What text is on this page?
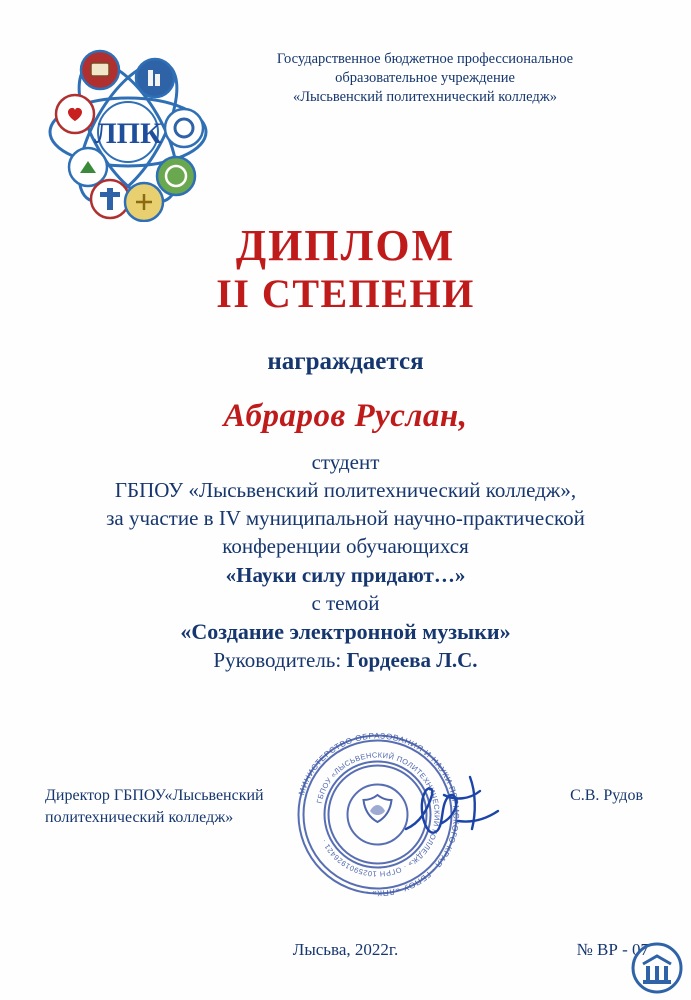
ЛПК
Государственное бюджетное профессиональное
образовательное учреждение
«Лысьвенский политехнический колледж»
ДИПЛОМ
II СТЕПЕНИ
награждается
Абраров Руслан,
студент
ГБПОУ «Лысьвенский политехнический колледж»,
за участие в IV муниципальной научно-практической
конференции обучающихся
«Науки силу придают…»
с темой
«Создание электронной музыки»
Руководитель: Гордеева Л.С.
МИНИСТЕРСТВО ОБРАЗОВАНИЯ И НАУКИ ПЕРМСКОГО КРАЯ · ГБПОУ «ЛПК» ·
ГБПОУ «ЛЫСЬВЕНСКИЙ ПОЛИТЕХНИЧЕСКИЙ КОЛЛЕДЖ» · ОГРН 1025901926421 ·
Директор ГБПОУ«Лысьвенский
политехнический колледж»
С.В. Рудов
Лысьва, 2022г.	№ ВР - 07
